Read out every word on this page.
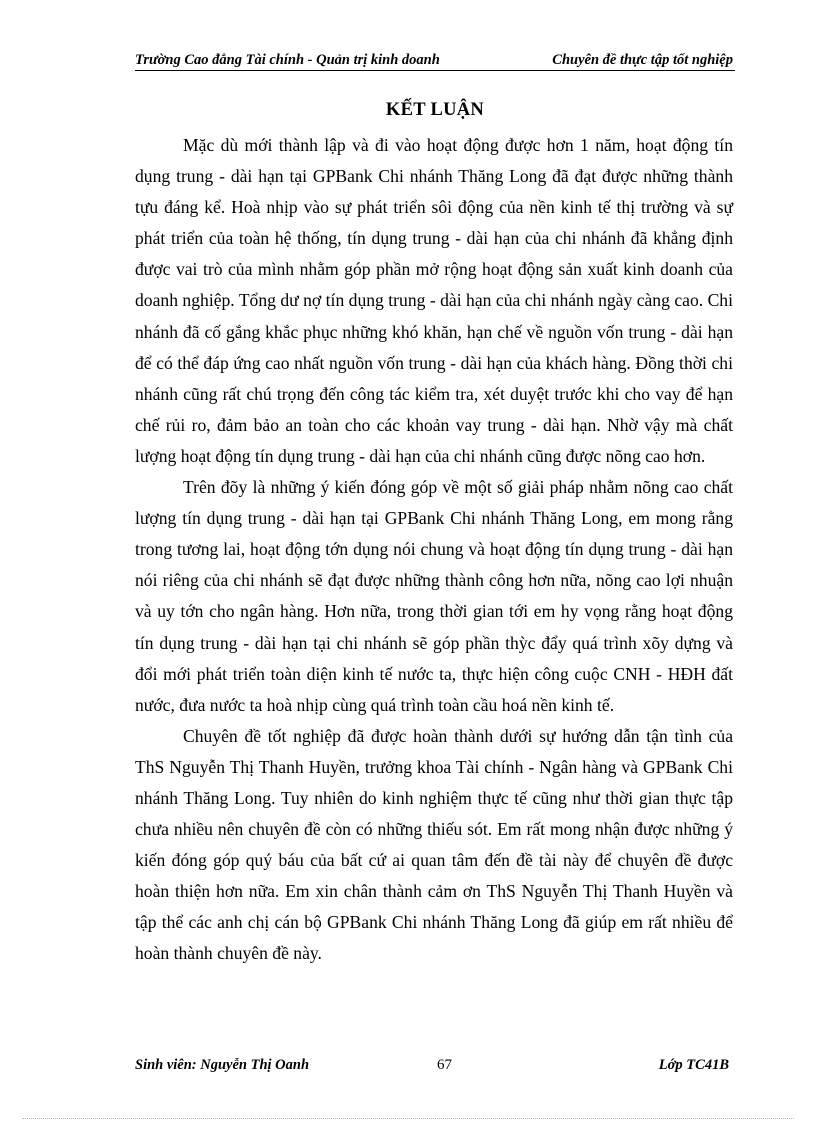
Trường Cao đẳng Tài chính - Quản trị kinh doanh	Chuyên đề thực tập tốt nghiệp
KẾT LUẬN

Mặc dù mới thành lập và đi vào hoạt động được hơn 1 năm, hoạt động tín dụng trung - dài hạn tại GPBank Chi nhánh Thăng Long đã đạt được những thành tựu đáng kể. Hoà nhịp vào sự phát triển sôi động của nền kinh tế thị trường và sự phát triển của toàn hệ thống, tín dụng trung - dài hạn của chi nhánh đã khẳng định được vai trò của mình nhằm góp phần mở rộng hoạt động sản xuất kinh doanh của doanh nghiệp. Tổng dư nợ tín dụng trung - dài hạn của chi nhánh ngày càng cao. Chi nhánh đã cố gắng khắc phục những khó khăn, hạn chế về nguồn vốn trung - dài hạn để có thể đáp ứng cao nhất nguồn vốn trung - dài hạn của khách hàng. Đồng thời chi nhánh cũng rất chú trọng đến công tác kiểm tra, xét duyệt trước khi cho vay để hạn chế rủi ro, đảm bảo an toàn cho các khoản vay trung - dài hạn. Nhờ vậy mà chất lượng hoạt động tín dụng trung - dài hạn của chi nhánh cũng được nõng cao hơn.

Trên đõy là những ý kiến đóng góp về một số giải pháp nhằm nõng cao chất lượng tín dụng trung - dài hạn tại GPBank Chi nhánh Thăng Long, em mong rằng trong tương lai, hoạt động tớn dụng nói chung và hoạt động tín dụng trung - dài hạn nói riêng của chi nhánh sẽ đạt được những thành công hơn nữa, nõng cao lợi nhuận và uy tớn cho ngân hàng. Hơn nữa, trong thời gian tới em hy vọng rằng hoạt động tín dụng trung - dài hạn tại chi nhánh sẽ góp phần thỳc đẩy quá trình xõy dựng và đổi mới phát triển toàn diện kinh tế nước ta, thực hiện công cuộc CNH - HĐH đất nước, đưa nước ta hoà nhịp cùng quá trình toàn cầu hoá nền kinh tế.

Chuyên đề tốt nghiệp đã được hoàn thành dưới sự hướng dẫn tận tình của ThS Nguyễn Thị Thanh Huyền, trưởng khoa Tài chính - Ngân hàng và GPBank Chi nhánh Thăng Long. Tuy nhiên do kinh nghiệm thực tế cũng như thời gian thực tập chưa nhiều nên chuyên đề còn có những thiếu sót. Em rất mong nhận được những ý kiến đóng góp quý báu của bất cứ ai quan tâm đến đề tài này để chuyên đề được hoàn thiện hơn nữa. Em xin chân thành cảm ơn ThS Nguyễn Thị Thanh Huyền và tập thể các anh chị cán bộ GPBank Chi nhánh Thăng Long đã giúp em rất nhiều để hoàn thành chuyên đề này.

Sinh viên: Nguyễn Thị Oanh	67	Lớp TC41B
